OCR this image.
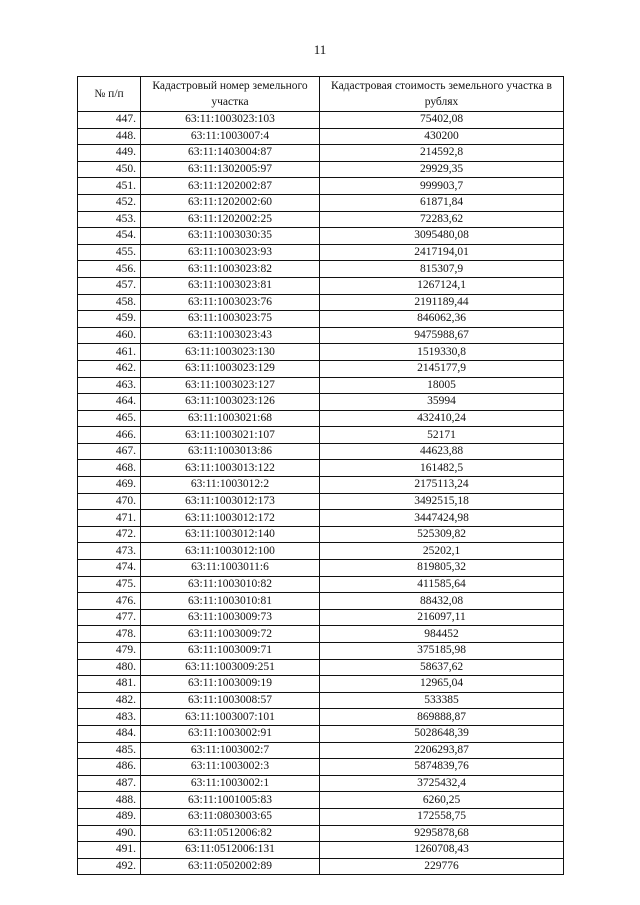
11
№ п/п	Кадастровый номер земельного участка	Кадастровая стоимость земельного участка в рублях
447.	63:11:1003023:103	75402,08
448.	63:11:1003007:4	430200
449.	63:11:1403004:87	214592,8
450.	63:11:1302005:97	29929,35
451.	63:11:1202002:87	999903,7
452.	63:11:1202002:60	61871,84
453.	63:11:1202002:25	72283,62
454.	63:11:1003030:35	3095480,08
455.	63:11:1003023:93	2417194,01
456.	63:11:1003023:82	815307,9
457.	63:11:1003023:81	1267124,1
458.	63:11:1003023:76	2191189,44
459.	63:11:1003023:75	846062,36
460.	63:11:1003023:43	9475988,67
461.	63:11:1003023:130	1519330,8
462.	63:11:1003023:129	2145177,9
463.	63:11:1003023:127	18005
464.	63:11:1003023:126	35994
465.	63:11:1003021:68	432410,24
466.	63:11:1003021:107	52171
467.	63:11:1003013:86	44623,88
468.	63:11:1003013:122	161482,5
469.	63:11:1003012:2	2175113,24
470.	63:11:1003012:173	3492515,18
471.	63:11:1003012:172	3447424,98
472.	63:11:1003012:140	525309,82
473.	63:11:1003012:100	25202,1
474.	63:11:1003011:6	819805,32
475.	63:11:1003010:82	411585,64
476.	63:11:1003010:81	88432,08
477.	63:11:1003009:73	216097,11
478.	63:11:1003009:72	984452
479.	63:11:1003009:71	375185,98
480.	63:11:1003009:251	58637,62
481.	63:11:1003009:19	12965,04
482.	63:11:1003008:57	533385
483.	63:11:1003007:101	869888,87
484.	63:11:1003002:91	5028648,39
485.	63:11:1003002:7	2206293,87
486.	63:11:1003002:3	5874839,76
487.	63:11:1003002:1	3725432,4
488.	63:11:1001005:83	6260,25
489.	63:11:0803003:65	172558,75
490.	63:11:0512006:82	9295878,68
491.	63:11:0512006:131	1260708,43
492.	63:11:0502002:89	229776
